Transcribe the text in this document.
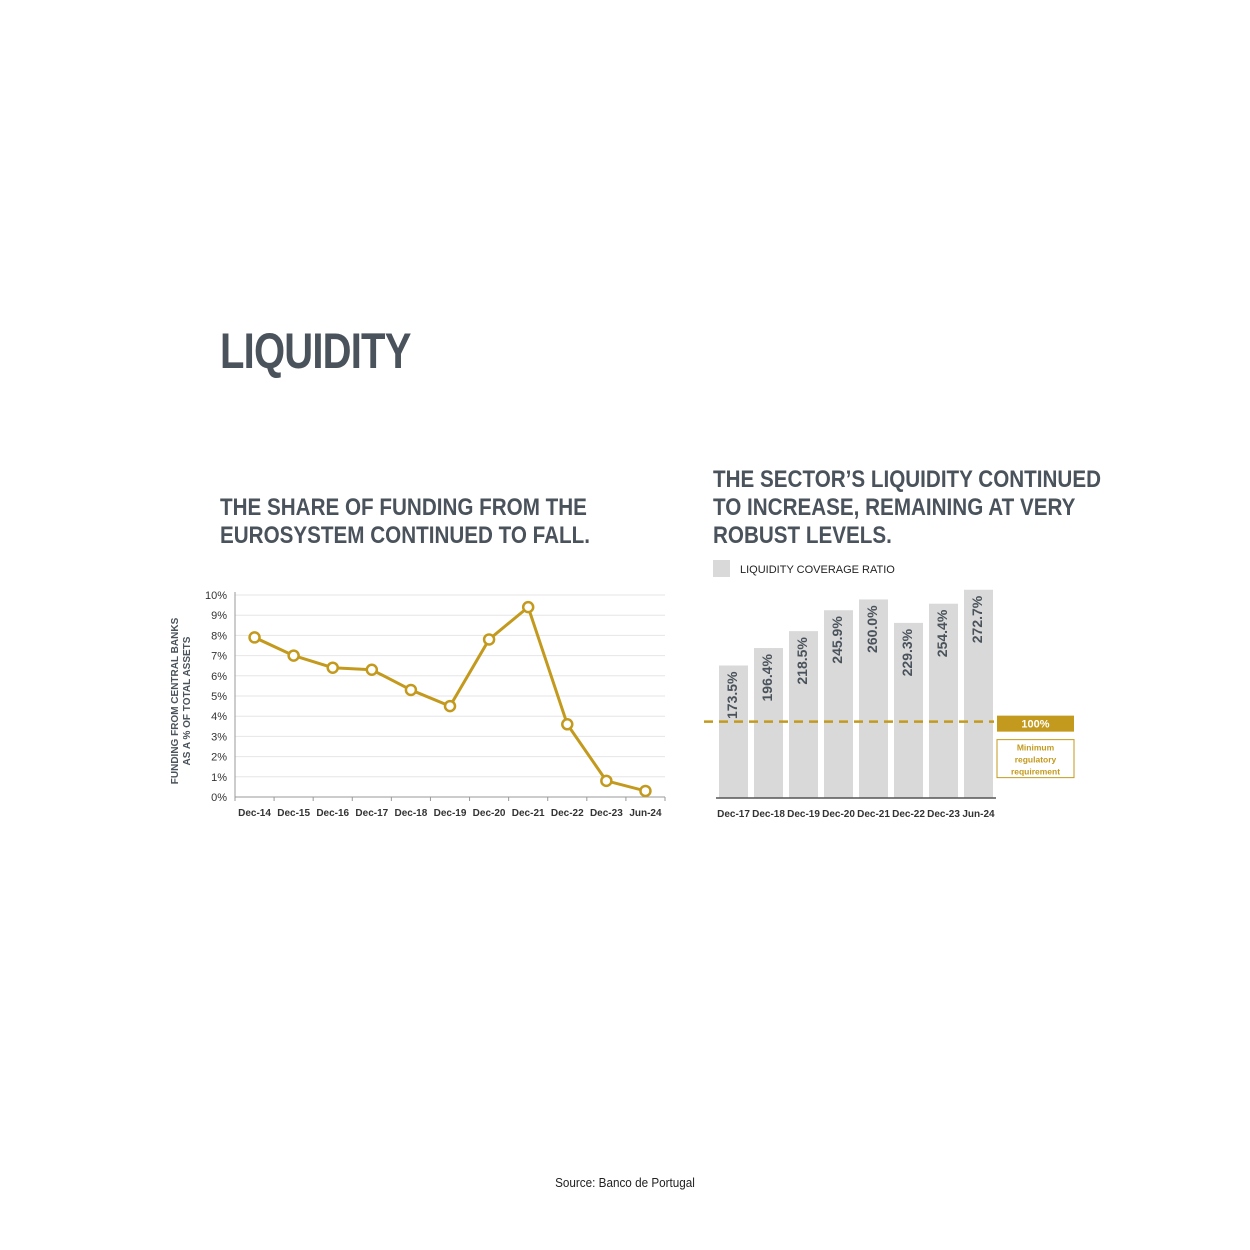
LIQUIDITY
THE SHARE OF FUNDING FROM THE
EUROSYSTEM CONTINUED TO FALL.
THE SECTOR’S LIQUIDITY CONTINUED
TO INCREASE, REMAINING AT VERY
ROBUST LEVELS.
0%
1%
2%
3%
4%
5%
6%
7%
8%
9%
10%
Dec-14 Dec-15 Dec-16 Dec-17 Dec-18 Dec-19 Dec-20 Dec-21 Dec-22 Dec-23 Jun-24
FUNDING FROM CENTRAL BANKS AS A % OF TOTAL ASSETS
LIQUIDITY COVERAGE RATIO
173.5%
Dec-17
196.4%
Dec-18
218.5%
Dec-19
245.9%
Dec-20
260.0%
Dec-21
229.3%
Dec-22
254.4%
Dec-23
272.7%
Jun-24
100%
Minimum
regulatory
requirement
Source: Banco de Portugal
